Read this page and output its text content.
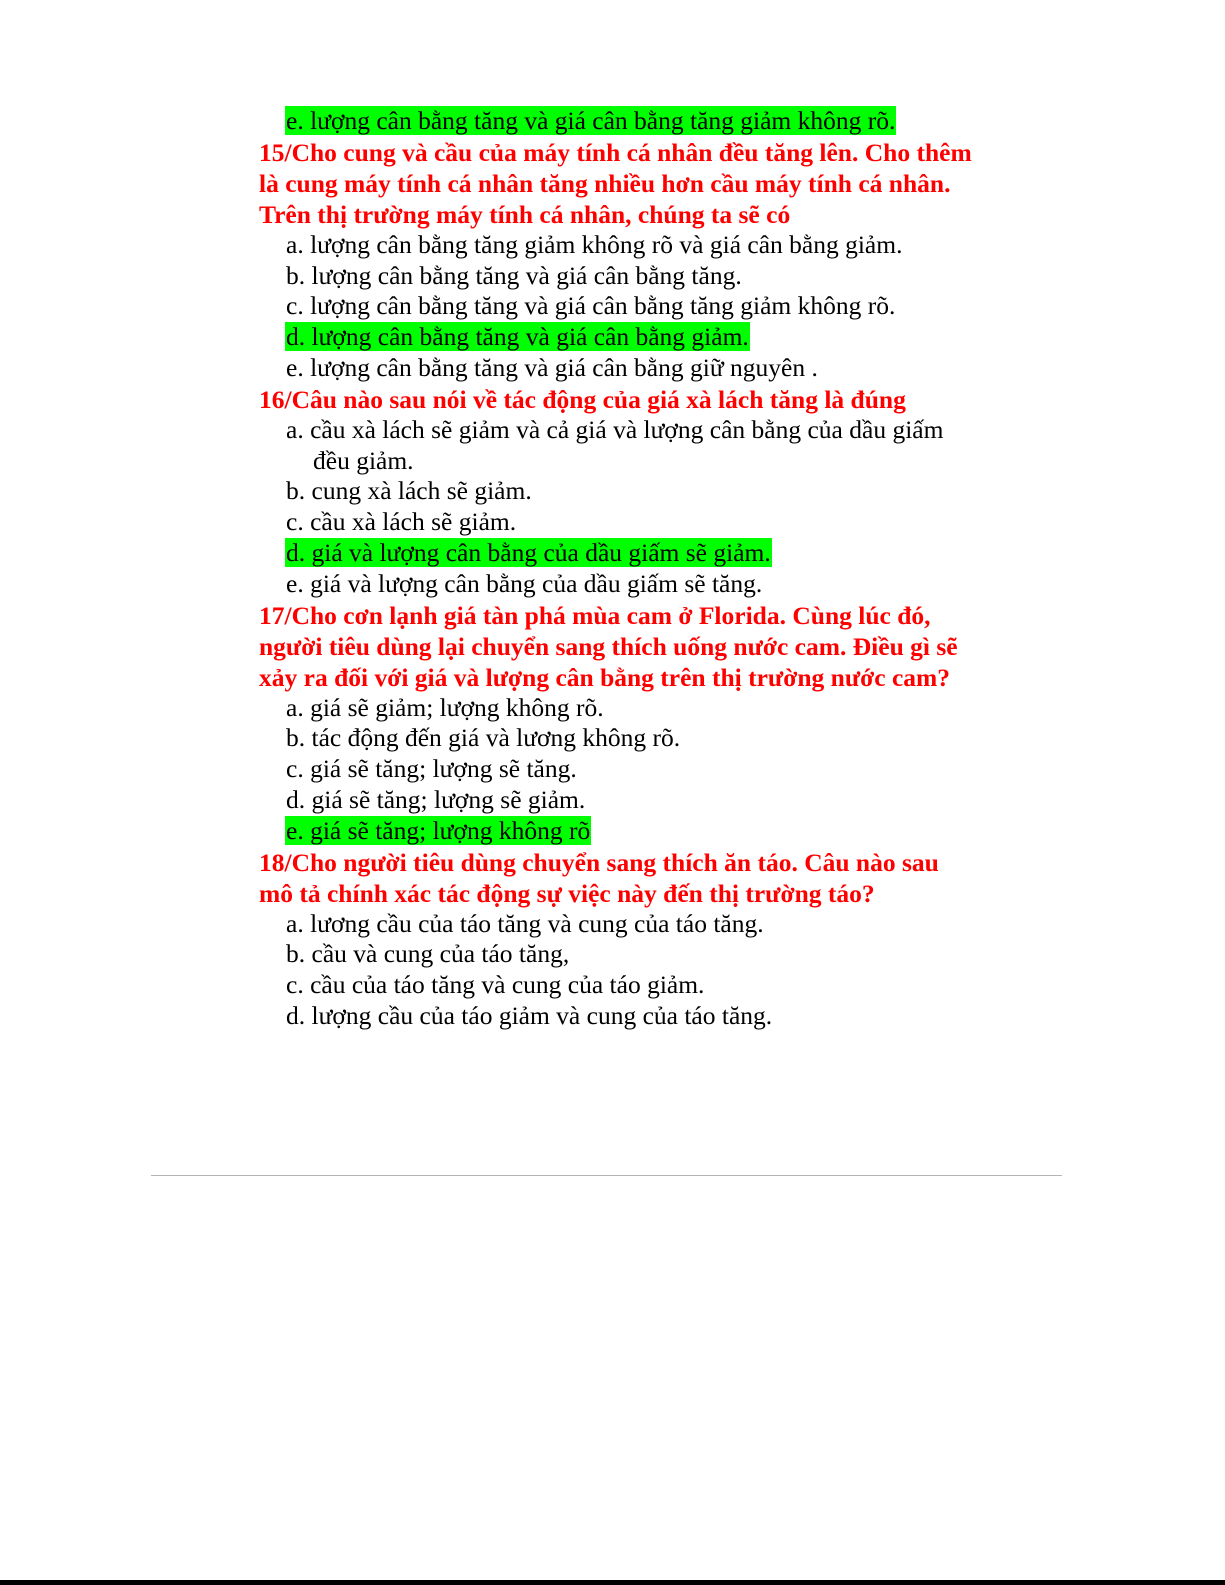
e. lượng cân bằng tăng và giá cân bằng tăng giảm không rõ.

15/Cho cung và cầu của máy tính cá nhân đều tăng lên. Cho thêm là cung máy tính cá nhân tăng nhiều hơn cầu máy tính cá nhân. Trên thị trường máy tính cá nhân, chúng ta sẽ có

a. lượng cân bằng tăng giảm không rõ và giá cân bằng giảm.
b. lượng cân bằng tăng và giá cân bằng tăng.
c. lượng cân bằng tăng và giá cân bằng tăng giảm không rõ.
d. lượng cân bằng tăng và giá cân bằng giảm.
e. lượng cân bằng tăng và giá cân bằng giữ nguyên .

16/Câu nào sau nói về tác động của giá xà lách tăng là đúng

a. cầu xà lách sẽ giảm và cả giá và lượng cân bằng của dầu giấm đều giảm.
b. cung xà lách sẽ giảm.
c. cầu xà lách sẽ giảm.
d. giá và lượng cân bằng của dầu giấm sẽ giảm.
e. giá và lượng cân bằng của dầu giấm sẽ tăng.

17/Cho cơn lạnh giá tàn phá mùa cam ở Florida. Cùng lúc đó, người tiêu dùng lại chuyển sang thích uống nước cam. Điều gì sẽ xảy ra đối với giá và lượng cân bằng trên thị trường nước cam?

a. giá sẽ giảm; lượng không rõ.
b. tác động đến giá và lương không rõ.
c. giá sẽ tăng; lượng sẽ tăng.
d. giá sẽ tăng; lượng sẽ giảm.
e. giá sẽ tăng; lượng không rõ

18/Cho người tiêu dùng chuyển sang thích ăn táo. Câu nào sau mô tả chính xác tác động sự việc này đến thị trường táo?

a. lương cầu của táo tăng và cung của táo tăng.
b. cầu và cung của táo tăng,
c. cầu của táo tăng và cung của táo giảm.
d. lượng cầu của táo giảm và cung của táo tăng.
